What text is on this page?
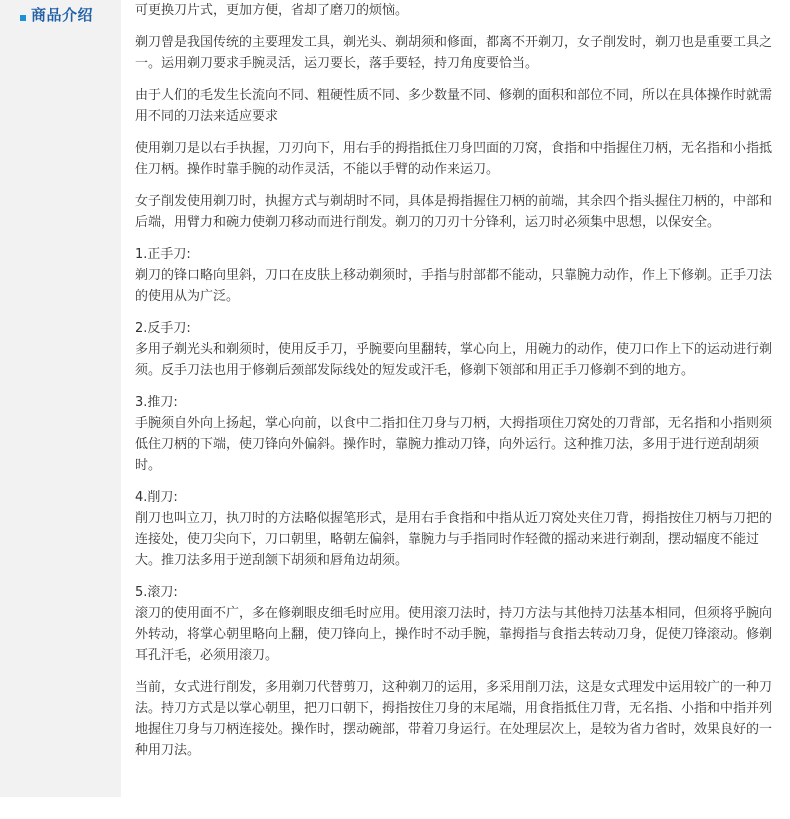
商品介绍	可更换刀片式，更加方便，省却了磨刀的烦恼。

剃刀曾是我国传统的主要理发工具，剃光头、剃胡须和修面，都离不开剃刀，女子削发时，剃刀也是重要工具之一。运用剃刀要求手腕灵活，运刀要长，落手要轻，持刀角度要恰当。

由于人们的毛发生长流向不同、粗硬性质不同、多少数量不同、修剃的面积和部位不同，所以在具体操作时就需用不同的刀法来适应要求

使用剃刀是以右手执握，刀刃向下，用右手的拇指抵住刀身凹面的刀窝，食指和中指握住刀柄，无名指和小指抵住刀柄。操作时靠手腕的动作灵活，不能以手臂的动作来运刀。

女子削发使用剃刀时，执握方式与剃胡时不同，具体是拇指握住刀柄的前端，其余四个指头握住刀柄的，中部和后端，用臂力和碗力使剃刀移动而进行削发。剃刀的刀刃十分锋利，运刀时必须集中思想，以保安全。

1.正手刀:
剃刀的锋口略向里斜，刀口在皮肤上移动剃须时，手指与肘部都不能动，只靠腕力动作，作上下修剃。正手刀法的使用从为广泛。

2.反手刀:
多用子剃光头和剃须时，使用反手刀，乎腕要向里翻转，掌心向上，用碗力的动作，使刀口作上下的运动进行剃须。反手刀法也用于修剃后颈部发际线处的短发或汗毛，修剃下领部和用正手刀修剃不到的地方。

3.推刀:
手腕须自外向上扬起，掌心向前，以食中二指扣住刀身与刀柄，大拇指项住刀窝处的刀背部，无名指和小指则须低住刀柄的下端，使刀锋向外偏斜。操作时，靠腕力推动刀锋，向外运行。这种推刀法，多用于进行逆刮胡须时。

4.削刀:
削刀也叫立刀，执刀时的方法略似握笔形式，是用右手食指和中指从近刀窝处夹住刀背，拇指按住刀柄与刀把的连接处，使刀尖向下，刀口朝里，略朝左偏斜，靠腕力与手指同时作轻微的摇动来进行剃刮，摆动辐度不能过大。推刀法多用于逆刮颔下胡须和唇角边胡须。

5.滚刀:
滚刀的使用面不广，多在修剃眼皮细毛时应用。使用滚刀法时，持刀方法与其他持刀法基本相同，但须将乎腕向外转动，将掌心朝里略向上翻，使刀锋向上，操作时不动手腕，靠拇指与食指去转动刀身，促使刀锋滚动。修剃耳孔汗毛，必须用滚刀。

当前，女式进行削发，多用剃刀代替剪刀，这种剃刀的运用，多采用削刀法，这是女式理发中运用较广的一种刀法。持刀方式是以掌心朝里，把刀口朝下，拇指按住刀身的末尾端，用食指抵住刀背，无名指、小指和中指并列地握住刀身与刀柄连接处。操作时，摆动碗部，带着刀身运行。在处理层次上，是较为省力省时，效果良好的一种用刀法。
